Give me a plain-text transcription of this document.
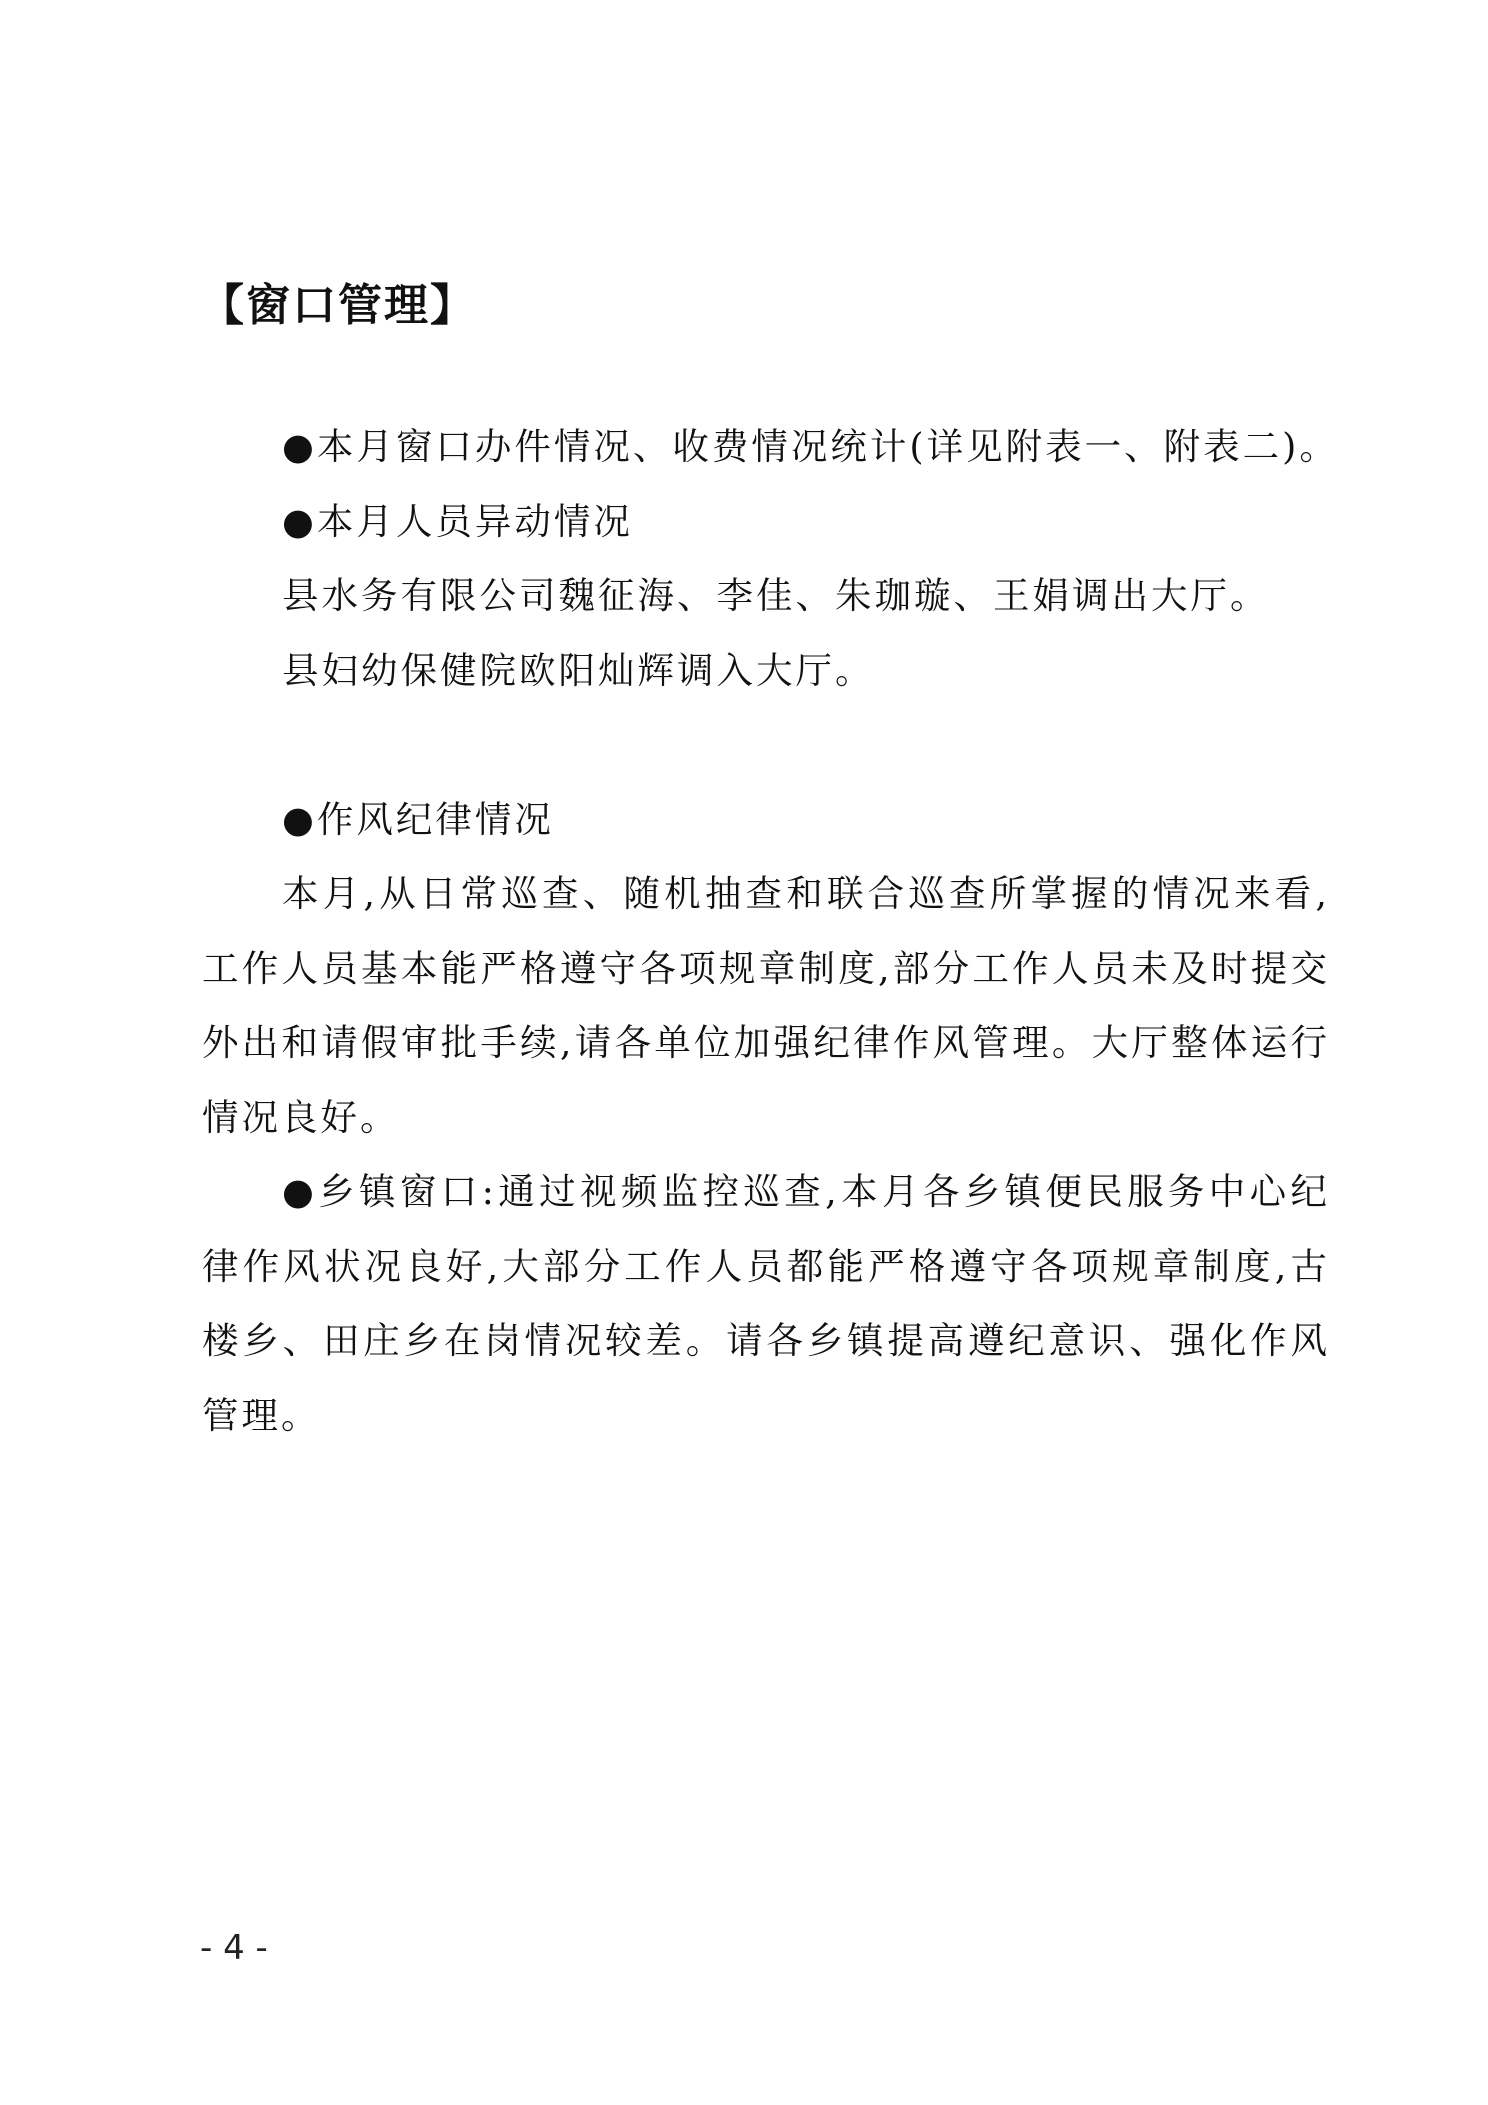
【窗口管理】

●本月窗口办件情况、收费情况统计(详见附表一、附表二)。

●本月人员异动情况

县水务有限公司魏征海、李佳、朱珈璇、王娟调出大厅。

县妇幼保健院欧阳灿辉调入大厅。

●作风纪律情况

本月,从日常巡查、随机抽查和联合巡查所掌握的情况来看,工作人员基本能严格遵守各项规章制度,部分工作人员未及时提交外出和请假审批手续,请各单位加强纪律作风管理。大厅整体运行情况良好。

●乡镇窗口:通过视频监控巡查,本月各乡镇便民服务中心纪律作风状况良好,大部分工作人员都能严格遵守各项规章制度,古楼乡、田庄乡在岗情况较差。请各乡镇提高遵纪意识、强化作风管理。

- 4 -
